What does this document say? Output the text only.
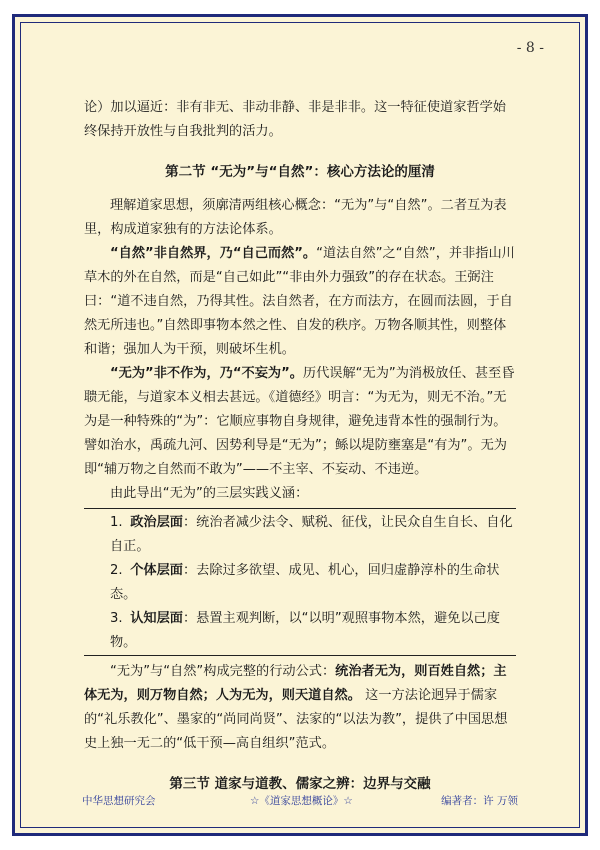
- 8 -

论）加以逼近：非有非无、非动非静、非是非非。这一特征使道家哲学始终保持开放性与自我批判的活力。

第二节 “无为”与“自然”：核心方法论的厘清

理解道家思想，须廓清两组核心概念：“无为”与“自然”。二者互为表里，构成道家独有的方法论体系。

“自然”非自然界，乃“自己而然”。“道法自然”之“自然”，并非指山川草木的外在自然，而是“自己如此”“非由外力强致”的存在状态。王弼注曰：“道不违自然，乃得其性。法自然者，在方而法方，在圆而法圆，于自然无所违也。”自然即事物本然之性、自发的秩序。万物各顺其性，则整体和谐；强加人为干预，则破坏生机。

“无为”非不作为，乃“不妄为”。历代误解“无为”为消极放任、甚至昏聩无能，与道家本义相去甚远。《道德经》明言：“为无为，则无不治。”无为是一种特殊的“为”：它顺应事物自身规律，避免违背本性的强制行为。譬如治水，禹疏九河、因势利导是“无为”；鲧以堤防壅塞是“有为”。无为即“辅万物之自然而不敢为”——不主宰、不妄动、不违逆。

由此导出“无为”的三层实践义涵：

1. 政治层面：统治者减少法令、赋税、征伐，让民众自生自长、自化自正。
2. 个体层面：去除过多欲望、成见、机心，回归虚静淳朴的生命状态。
3. 认知层面：悬置主观判断，以“以明”观照事物本然，避免以己度物。

“无为”与“自然”构成完整的行动公式：统治者无为，则百姓自然；主体无为，则万物自然；人为无为，则天道自然。 这一方法论迥异于儒家的“礼乐教化”、墨家的“尚同尚贤”、法家的“以法为教”，提供了中国思想史上独一无二的“低干预—高自组织”范式。

第三节 道家与道教、儒家之辨：边界与交融

中华思想研究会	☆《道家思想概论》☆	编著者：许 万领
